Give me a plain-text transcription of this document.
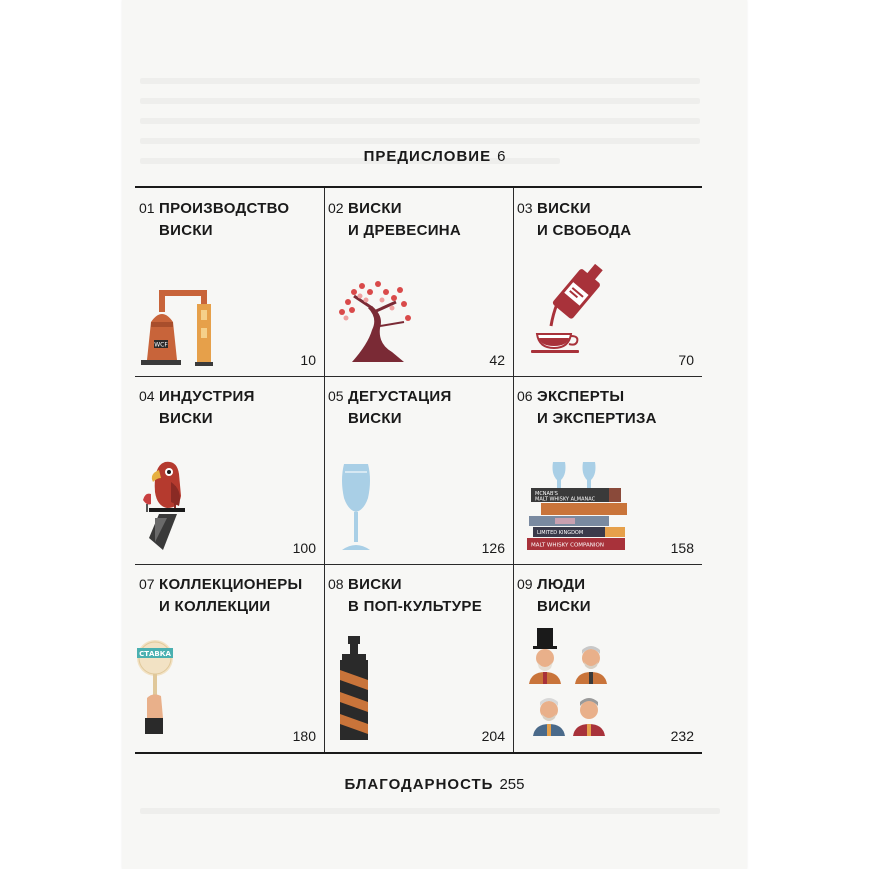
ПРЕДИСЛОВИЕ 6
01 ПРОИЗВОДСТВО
ВИСКИ
WCF
10
02 ВИСКИ
И ДРЕВЕСИНА
42
03 ВИСКИ
И СВОБОДА
70
04 ИНДУСТРИЯ
ВИСКИ
100
05 ДЕГУСТАЦИЯ
ВИСКИ
126
06 ЭКСПЕРТЫ
И ЭКСПЕРТИЗА
MCNAB'S
MALT WHISKY ALMANAC
LIMITED KINGDOM
MALT WHISKY COMPANION	158
07 КОЛЛЕКЦИОНЕРЫ
И КОЛЛЕКЦИИ
СТАВКА
180
08 ВИСКИ
В ПОП-КУЛЬТУРЕ
204
09 ЛЮДИ
ВИСКИ
232
БЛАГОДАРНОСТЬ 255
